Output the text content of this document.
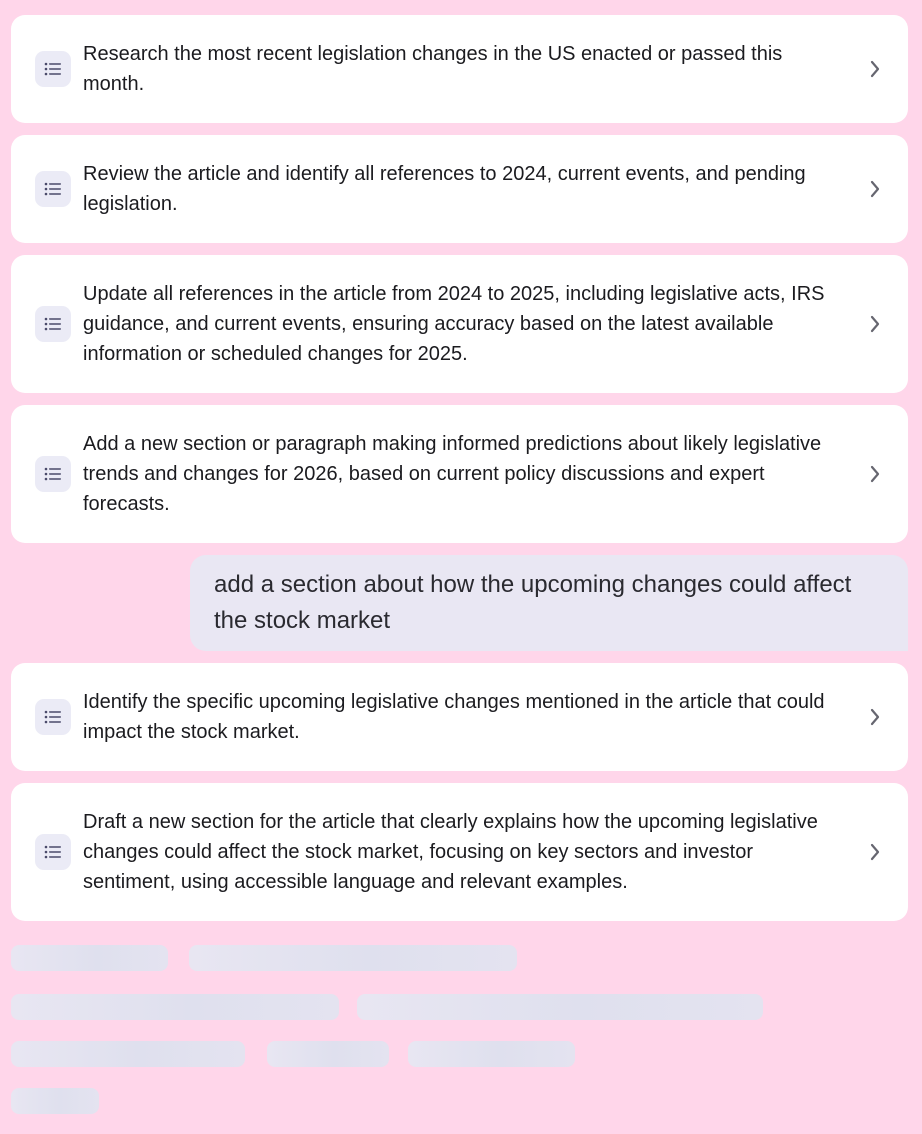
Research the most recent legislation changes in the US enacted or passed this month.
Review the article and identify all references to 2024, current events, and pending legislation.
Update all references in the article from 2024 to 2025, including legislative acts, IRS guidance, and current events, ensuring accuracy based on the latest available information or scheduled changes for 2025.
Add a new section or paragraph making informed predictions about likely legislative trends and changes for 2026, based on current policy discussions and expert forecasts.
add a section about how the upcoming changes could affect the stock market
Identify the specific upcoming legislative changes mentioned in the article that could impact the stock market.
Draft a new section for the article that clearly explains how the upcoming legislative changes could affect the stock market, focusing on key sectors and investor sentiment, using accessible language and relevant examples.
